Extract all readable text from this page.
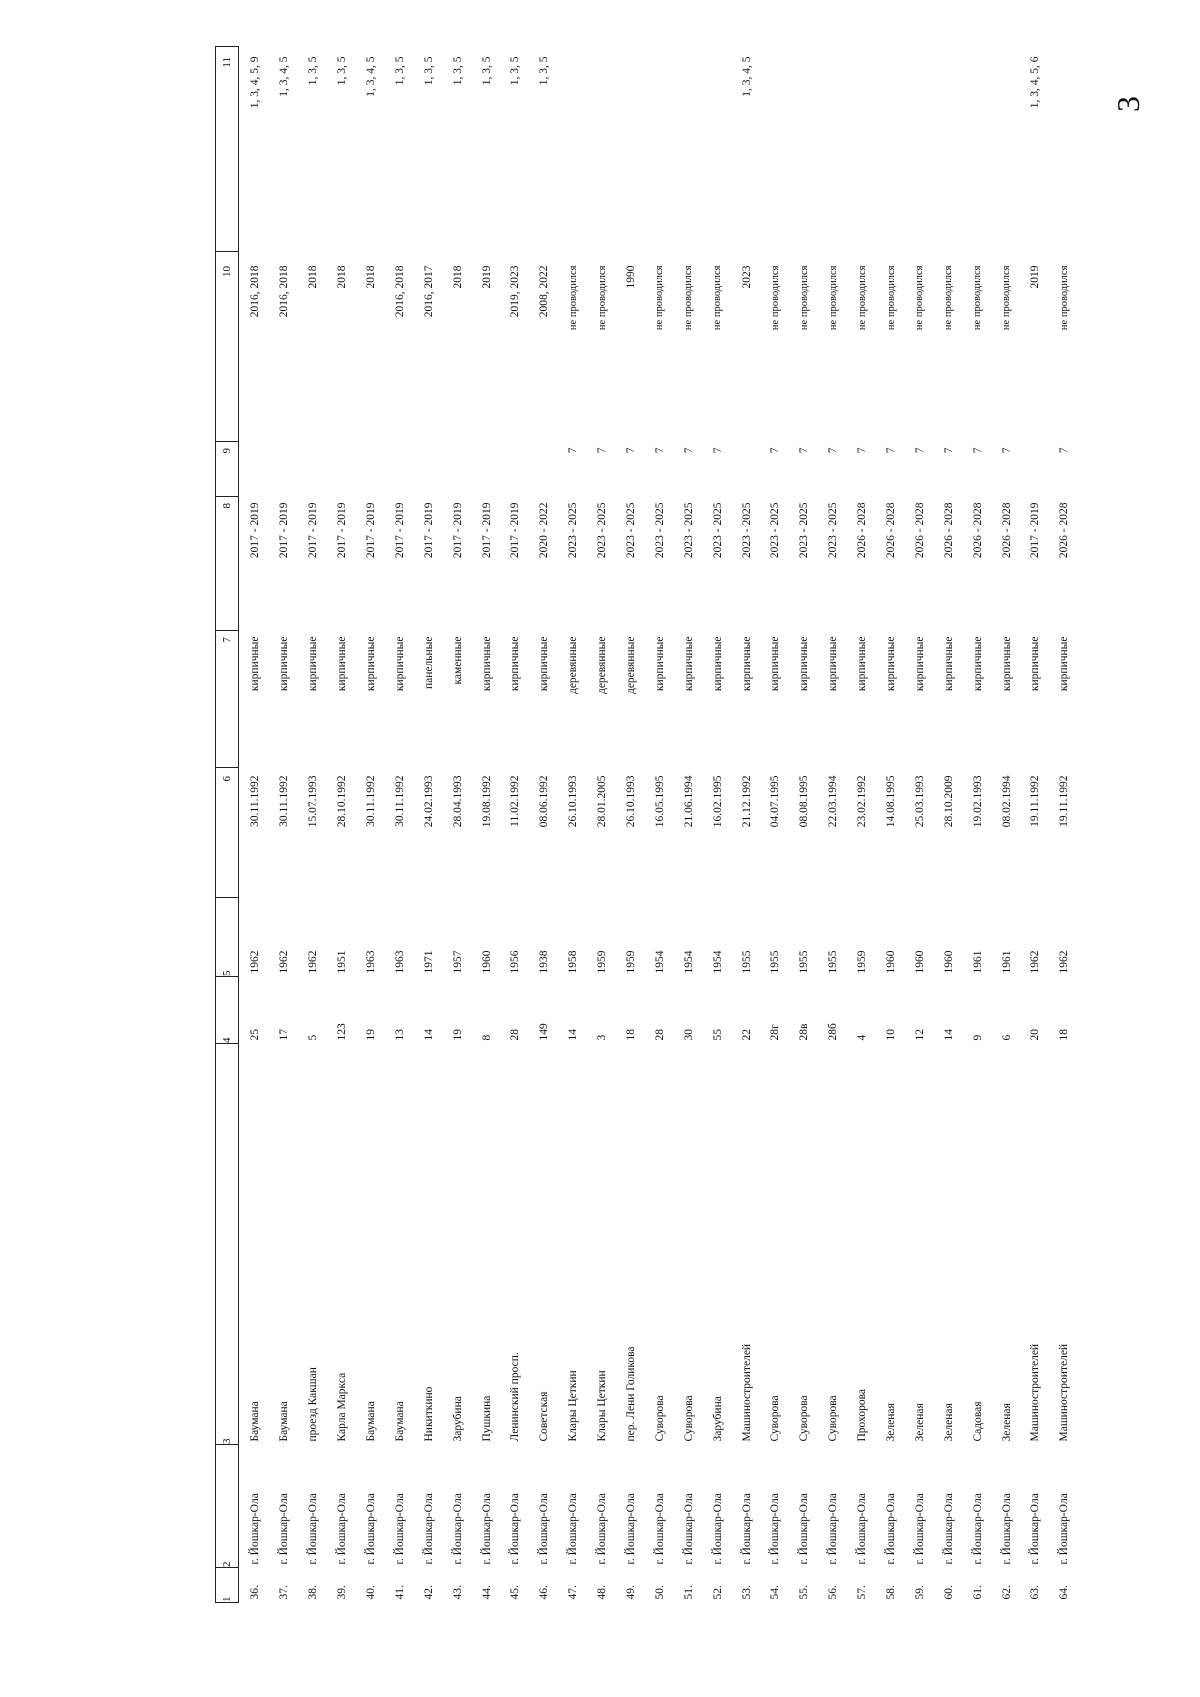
3
1	2	3	4	5	6	7	8	9	10	11
36.	г. Йошкар-Ола	Баумана	25	1962	30.11.1992	кирпичные	2017 - 2019		2016, 2018	1, 3, 4, 5, 9
37.	г. Йошкар-Ола	Баумана	17	1962	30.11.1992	кирпичные	2017 - 2019		2016, 2018	1, 3, 4, 5
38.	г. Йошкар-Ола	проезд Какшан	5	1962	15.07.1993	кирпичные	2017 - 2019		2018	1, 3, 5
39.	г. Йошкар-Ола	Карла Маркса	123	1951	28.10.1992	кирпичные	2017 - 2019		2018	1, 3, 5
40.	г. Йошкар-Ола	Баумана	19	1963	30.11.1992	кирпичные	2017 - 2019		2018	1, 3, 4, 5
41.	г. Йошкар-Ола	Баумана	13	1963	30.11.1992	кирпичные	2017 - 2019		2016, 2018	1, 3, 5
42.	г. Йошкар-Ола	Никиткино	14	1971	24.02.1993	панельные	2017 - 2019		2016, 2017	1, 3, 5
43.	г. Йошкар-Ола	Зарубина	19	1957	28.04.1993	каменные	2017 - 2019		2018	1, 3, 5
44.	г. Йошкар-Ола	Пушкина	8	1960	19.08.1992	кирпичные	2017 - 2019		2019	1, 3, 5
45.	г. Йошкар-Ола	Ленинский просп.	28	1956	11.02.1992	кирпичные	2017 - 2019		2019, 2023	1, 3, 5
46.	г. Йошкар-Ола	Советская	149	1938	08.06.1992	кирпичные	2020 - 2022		2008, 2022	1, 3, 5
47.	г. Йошкар-Ола	Клары Цеткин	14	1958	26.10.1993	деревянные	2023 - 2025	7	не проводился	
48.	г. Йошкар-Ола	Клары Цеткин	3	1959	28.01.2005	деревянные	2023 - 2025	7	не проводился	
49.	г. Йошкар-Ола	пер. Лени Голикова	18	1959	26.10.1993	деревянные	2023 - 2025	7	1990	
50.	г. Йошкар-Ола	Суворова	28	1954	16.05.1995	кирпичные	2023 - 2025	7	не проводился	
51.	г. Йошкар-Ола	Суворова	30	1954	21.06.1994	кирпичные	2023 - 2025	7	не проводился	
52.	г. Йошкар-Ола	Зарубина	55	1954	16.02.1995	кирпичные	2023 - 2025	7	не проводился	
53.	г. Йошкар-Ола	Машиностроителей	22	1955	21.12.1992	кирпичные	2023 - 2025		2023	1, 3, 4, 5
54.	г. Йошкар-Ола	Суворова	28г	1955	04.07.1995	кирпичные	2023 - 2025	7	не проводился	
55.	г. Йошкар-Ола	Суворова	28в	1955	08.08.1995	кирпичные	2023 - 2025	7	не проводился	
56.	г. Йошкар-Ола	Суворова	28б	1955	22.03.1994	кирпичные	2023 - 2025	7	не проводился	
57.	г. Йошкар-Ола	Прохорова	4	1959	23.02.1992	кирпичные	2026 - 2028	7	не проводился	
58.	г. Йошкар-Ола	Зеленая	10	1960	14.08.1995	кирпичные	2026 - 2028	7	не проводился	
59.	г. Йошкар-Ола	Зеленая	12	1960	25.03.1993	кирпичные	2026 - 2028	7	не проводился	
60.	г. Йошкар-Ола	Зеленая	14	1960	28.10.2009	кирпичные	2026 - 2028	7	не проводился	
61.	г. Йошкар-Ола	Садовая	9	1961	19.02.1993	кирпичные	2026 - 2028	7	не проводился	
62.	г. Йошкар-Ола	Зеленая	6	1961	08.02.1994	кирпичные	2026 - 2028	7	не проводился	
63.	г. Йошкар-Ола	Машиностроителей	20	1962	19.11.1992	кирпичные	2017 - 2019		2019	1, 3, 4, 5, 6
64.	г. Йошкар-Ола	Машиностроителей	18	1962	19.11.1992	кирпичные	2026 - 2028	7	не проводился	
